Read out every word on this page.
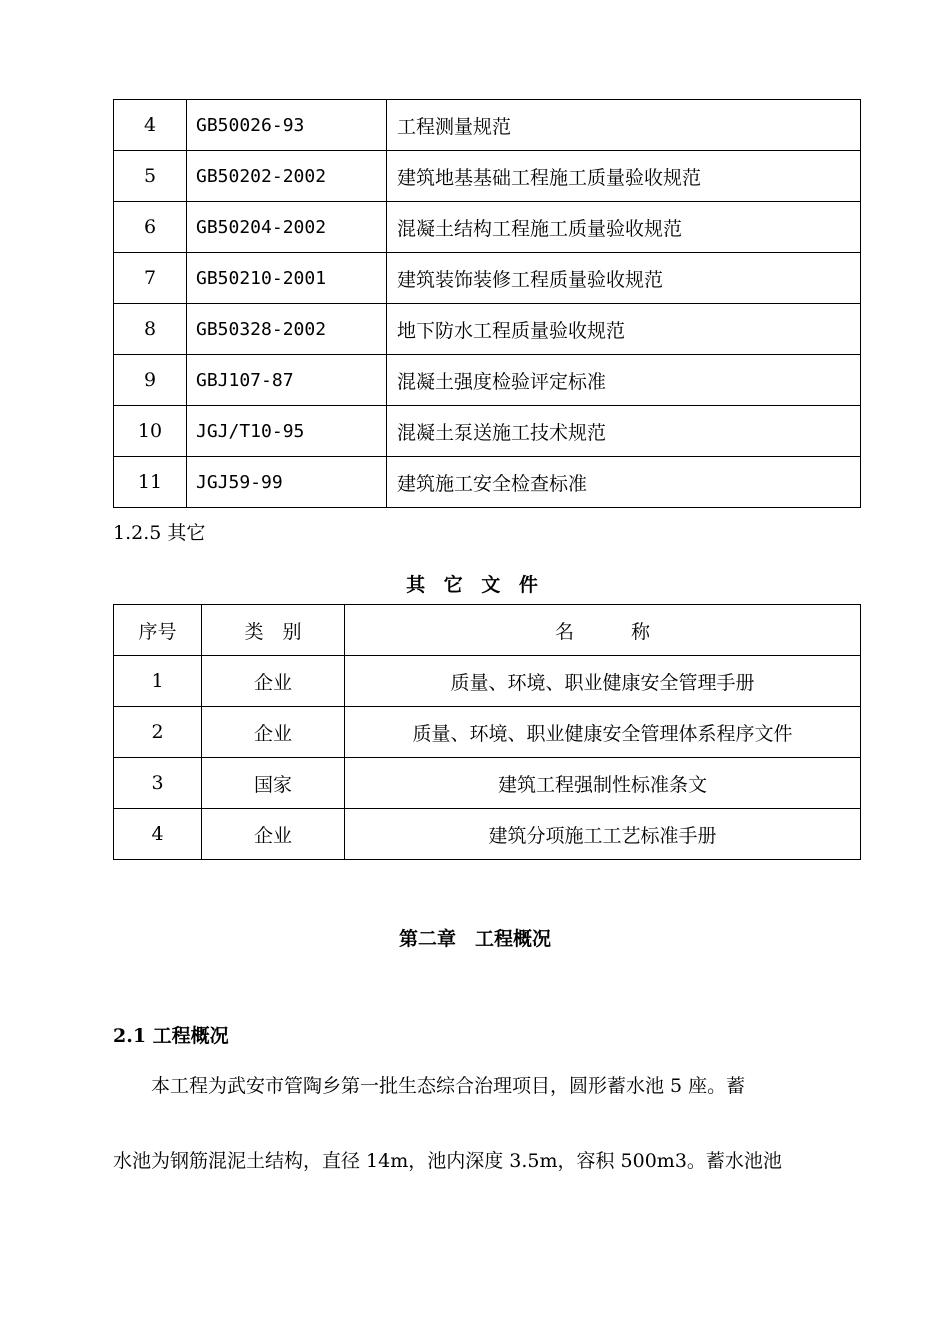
4	GB50026-93	工程测量规范
5	GB50202-2002	建筑地基基础工程施工质量验收规范
6	GB50204-2002	混凝土结构工程施工质量验收规范
7	GB50210-2001	建筑装饰装修工程质量验收规范
8	GB50328-2002	地下防水工程质量验收规范
9	GBJ107-87	混凝土强度检验评定标准
10	JGJ/T10-95	混凝土泵送施工技术规范
11	JGJ59-99	建筑施工安全检查标准
1.2.5 其它
其 它 文 件
序号	类　别	名　　　称
1	企业	质量、环境、职业健康安全管理手册
2	企业	质量、环境、职业健康安全管理体系程序文件
3	国家	建筑工程强制性标准条文
4	企业	建筑分项施工工艺标准手册
第二章　工程概况
2.1 工程概况
本工程为武安市管陶乡第一批生态综合治理项目，圆形蓄水池 5 座。蓄
水池为钢筋混泥土结构，直径 14m，池内深度 3.5m，容积 500m3。蓄水池池
